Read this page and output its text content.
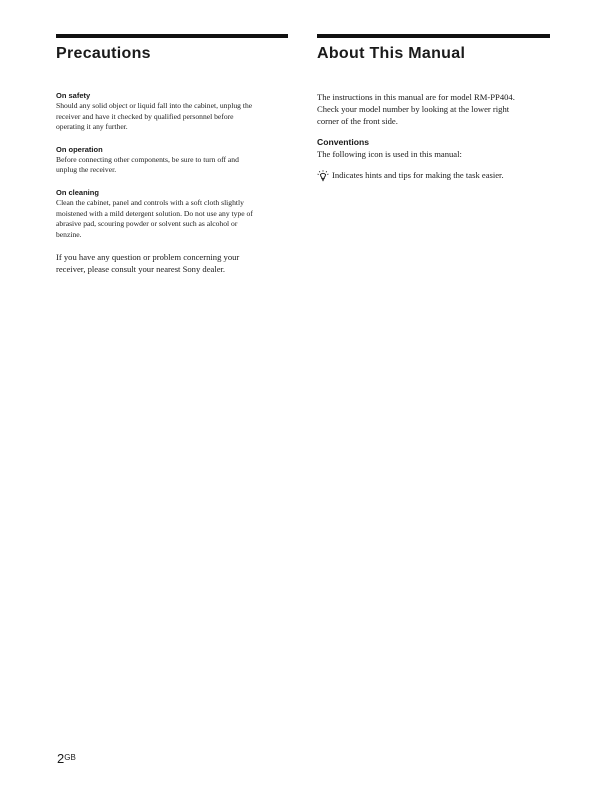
Precautions

On safety

Should any solid object or liquid fall into the cabinet, unplug the

receiver and have it checked by qualified personnel before

operating it any further.

On operation

Before connecting other components, be sure to turn off and

unplug the receiver.

On cleaning

Clean the cabinet, panel and controls with a soft cloth slightly

moistened with a mild detergent solution. Do not use any type of

abrasive pad, scouring powder or solvent such as alcohol or

benzine.

If you have any question or problem concerning your

receiver, please consult your nearest Sony dealer.

About This Manual

The instructions in this manual are for model RM-PP404.

Check your model number by looking at the lower right

corner of the front side.

Conventions

The following icon is used in this manual:

Indicates hints and tips for making the task easier.

$2^{GB}$
